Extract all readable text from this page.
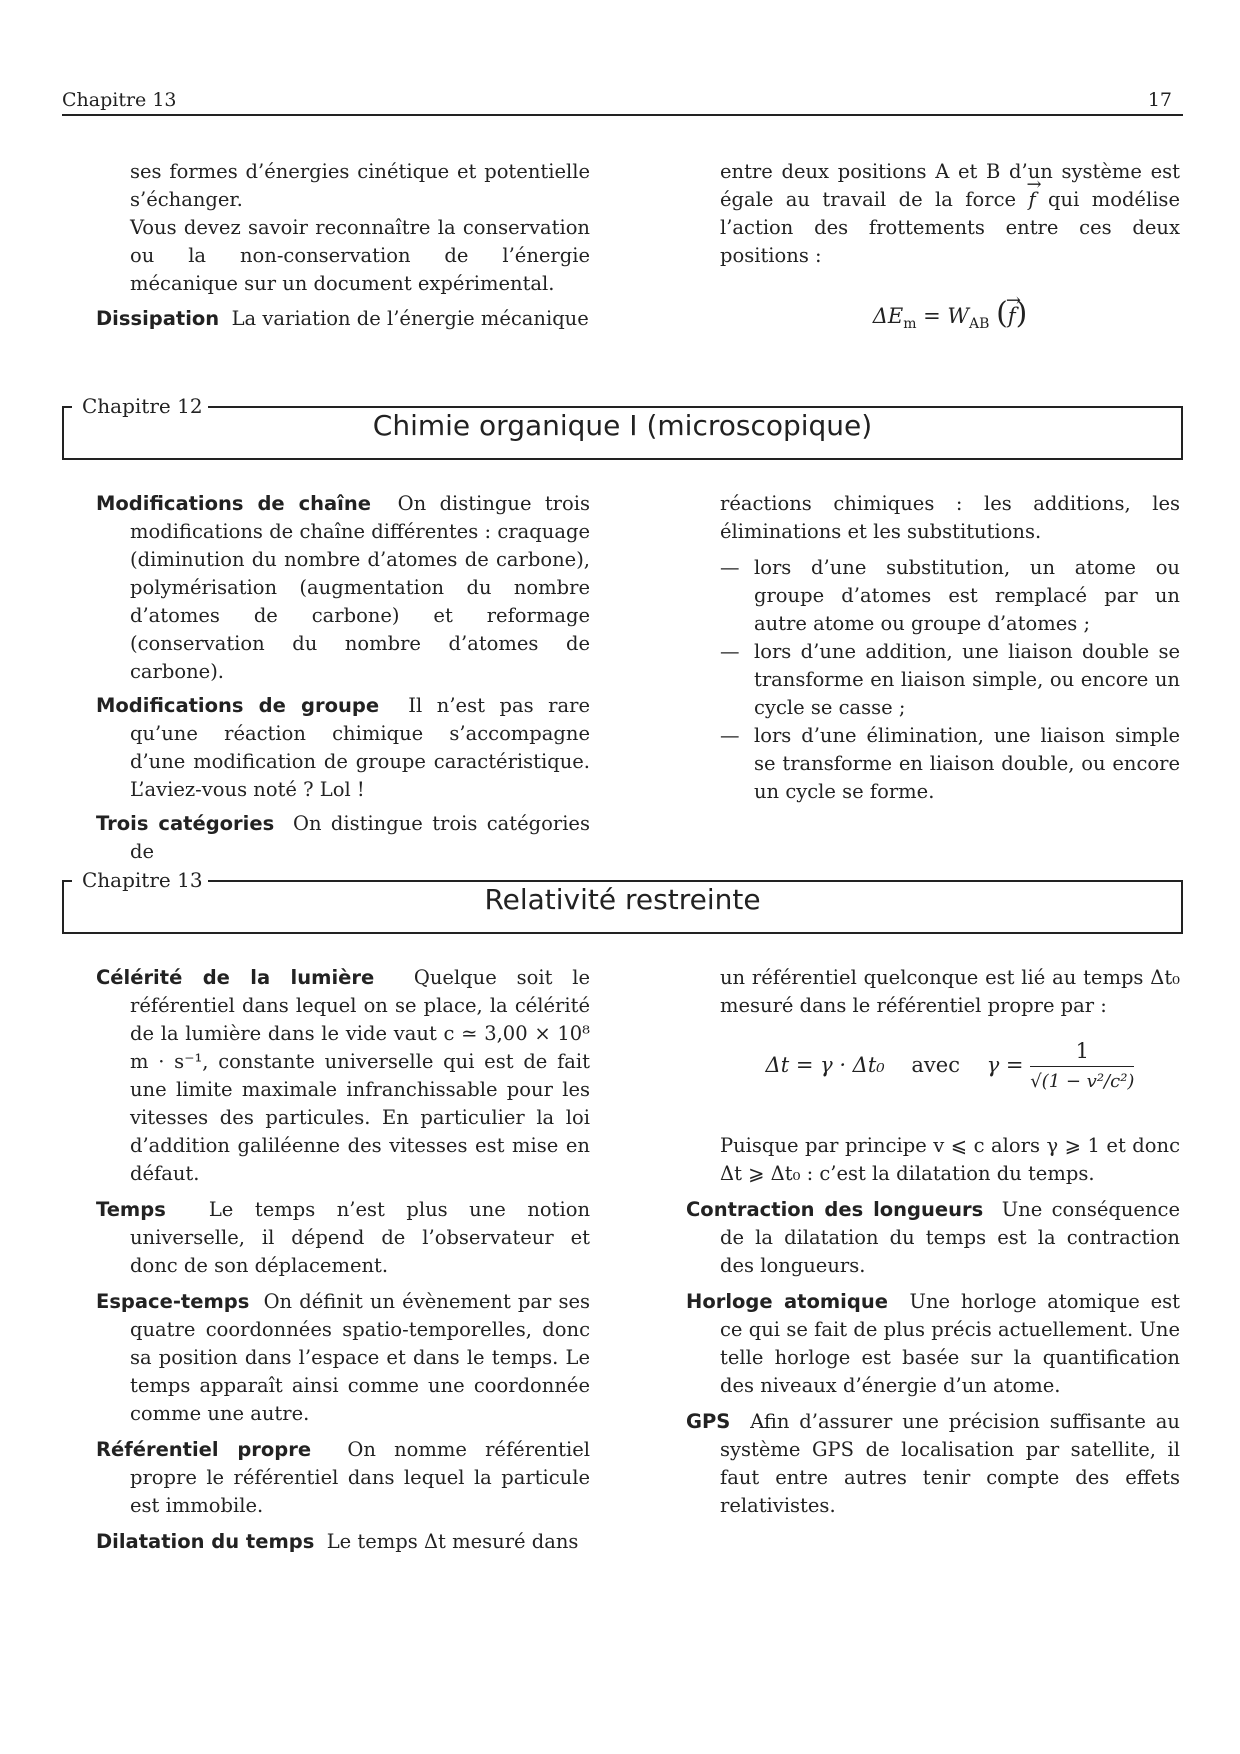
Chapitre 13	17

ses formes d’énergies cinétique et potentielle s’échanger.

Vous devez savoir reconnaître la conservation ou la non-conservation de l’énergie mécanique sur un document expérimental.

Dissipation La variation de l’énergie mécanique

entre deux positions A et B d’un système est égale au travail de la force → f qui modélise l’action des frottements entre ces deux positions :

$\Delta E_m = W_{AB}$ (→ f)
Chapitre 12
Chimie organique I (microscopique)

Modifications de chaîne On distingue trois modifications de chaîne différentes : craquage (diminution du nombre d’atomes de carbone), polymérisation (augmentation du nombre d’atomes de carbone) et reformage (conservation du nombre d’atomes de carbone).

Modifications de groupe Il n’est pas rare qu’une réaction chimique s’accompagne d’une modification de groupe caractéristique. L’aviez-vous noté ? Lol !

Trois catégories On distingue trois catégories de

réactions chimiques : les additions, les éliminations et les substitutions.

— lors d’une substitution, un atome ou groupe d’atomes est remplacé par un autre atome ou groupe d’atomes ;
— lors d’une addition, une liaison double se transforme en liaison simple, ou encore un cycle se casse ;
— lors d’une élimination, une liaison simple se transforme en liaison double, ou encore un cycle se forme.
Chapitre 13
Relativité restreinte

Célérité de la lumière Quelque soit le référentiel dans lequel on se place, la célérité de la lumière dans le vide vaut c ≃ 3,00 × 10⁸ m · s⁻¹, constante universelle qui est de fait une limite maximale infranchissable pour les vitesses des particules. En particulier la loi d’addition galiléenne des vitesses est mise en défaut.

Temps Le temps n’est plus une notion universelle, il dépend de l’observateur et donc de son déplacement.

Espace-temps On définit un évènement par ses quatre coordonnées spatio-temporelles, donc sa position dans l’espace et dans le temps. Le temps apparaît ainsi comme une coordonnée comme une autre.

Référentiel propre On nomme référentiel propre le référentiel dans lequel la particule est immobile.

Dilatation du temps Le temps Δt mesuré dans

un référentiel quelconque est lié au temps Δt₀ mesuré dans le référentiel propre par :

Δt = γ · Δt₀ avec $\gamma = \frac{1}{\text{√(1 − v²/c²)}}$

Puisque par principe v ⩽ c alors γ ⩾ 1 et donc Δt ⩾ Δt₀ : c’est la dilatation du temps.

Contraction des longueurs Une conséquence de la dilatation du temps est la contraction des longueurs.

Horloge atomique Une horloge atomique est ce qui se fait de plus précis actuellement. Une telle horloge est basée sur la quantification des niveaux d’énergie d’un atome.

GPS Afin d’assurer une précision suffisante au système GPS de localisation par satellite, il faut entre autres tenir compte des effets relativistes.
